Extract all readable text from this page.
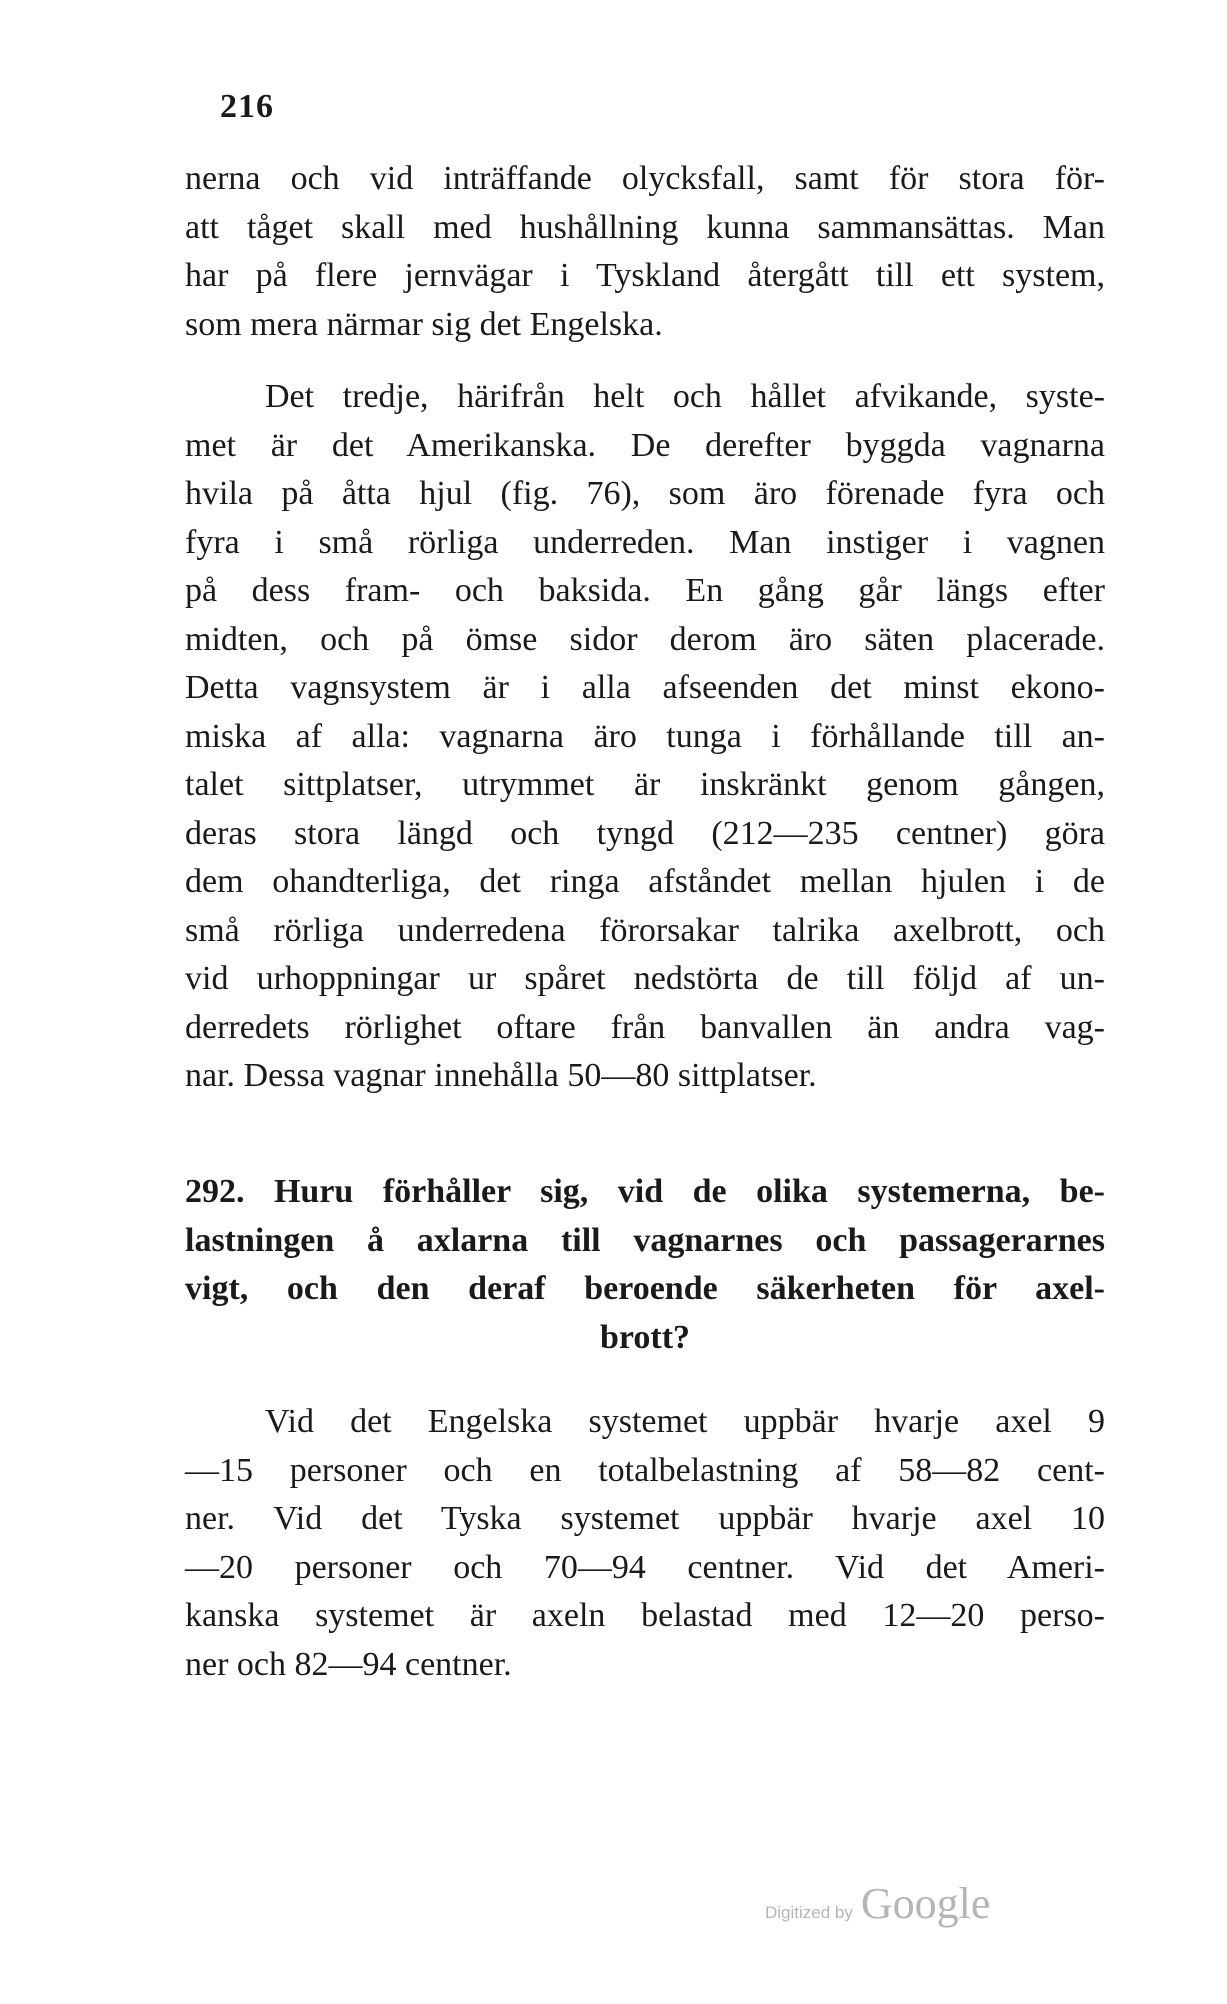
216
nerna och vid inträffande olycksfall, samt för stora för-
att tåget skall med hushållning kunna sammansättas. Man
har på flere jernvägar i Tyskland återgått till ett system,
som mera närmar sig det Engelska.
Det tredje, härifrån helt och hållet afvikande, syste-
met är det Amerikanska. De derefter byggda vagnarna
hvila på åtta hjul (fig. 76), som äro förenade fyra och
fyra i små rörliga underreden. Man instiger i vagnen
på dess fram- och baksida. En gång går längs efter
midten, och på ömse sidor derom äro säten placerade.
Detta vagnsystem är i alla afseenden det minst ekono-
miska af alla: vagnarna äro tunga i förhållande till an-
talet sittplatser, utrymmet är inskränkt genom gången,
deras stora längd och tyngd (212—235 centner) göra
dem ohandterliga, det ringa afståndet mellan hjulen i de
små rörliga underredena förorsakar talrika axelbrott, och
vid urhoppningar ur spåret nedstörta de till följd af un-
derredets rörlighet oftare från banvallen än andra vag-
nar. Dessa vagnar innehålla 50—80 sittplatser.
292. Huru förhåller sig, vid de olika systemerna, be-
lastningen å axlarna till vagnarnes och passagerarnes
vigt, och den deraf beroende säkerheten för axel-
brott?
Vid det Engelska systemet uppbär hvarje axel 9
—15 personer och en totalbelastning af 58—82 cent-
ner. Vid det Tyska systemet uppbär hvarje axel 10
—20 personer och 70—94 centner. Vid det Ameri-
kanska systemet är axeln belastad med 12—20 perso-
ner och 82—94 centner.
Digitized by Google
